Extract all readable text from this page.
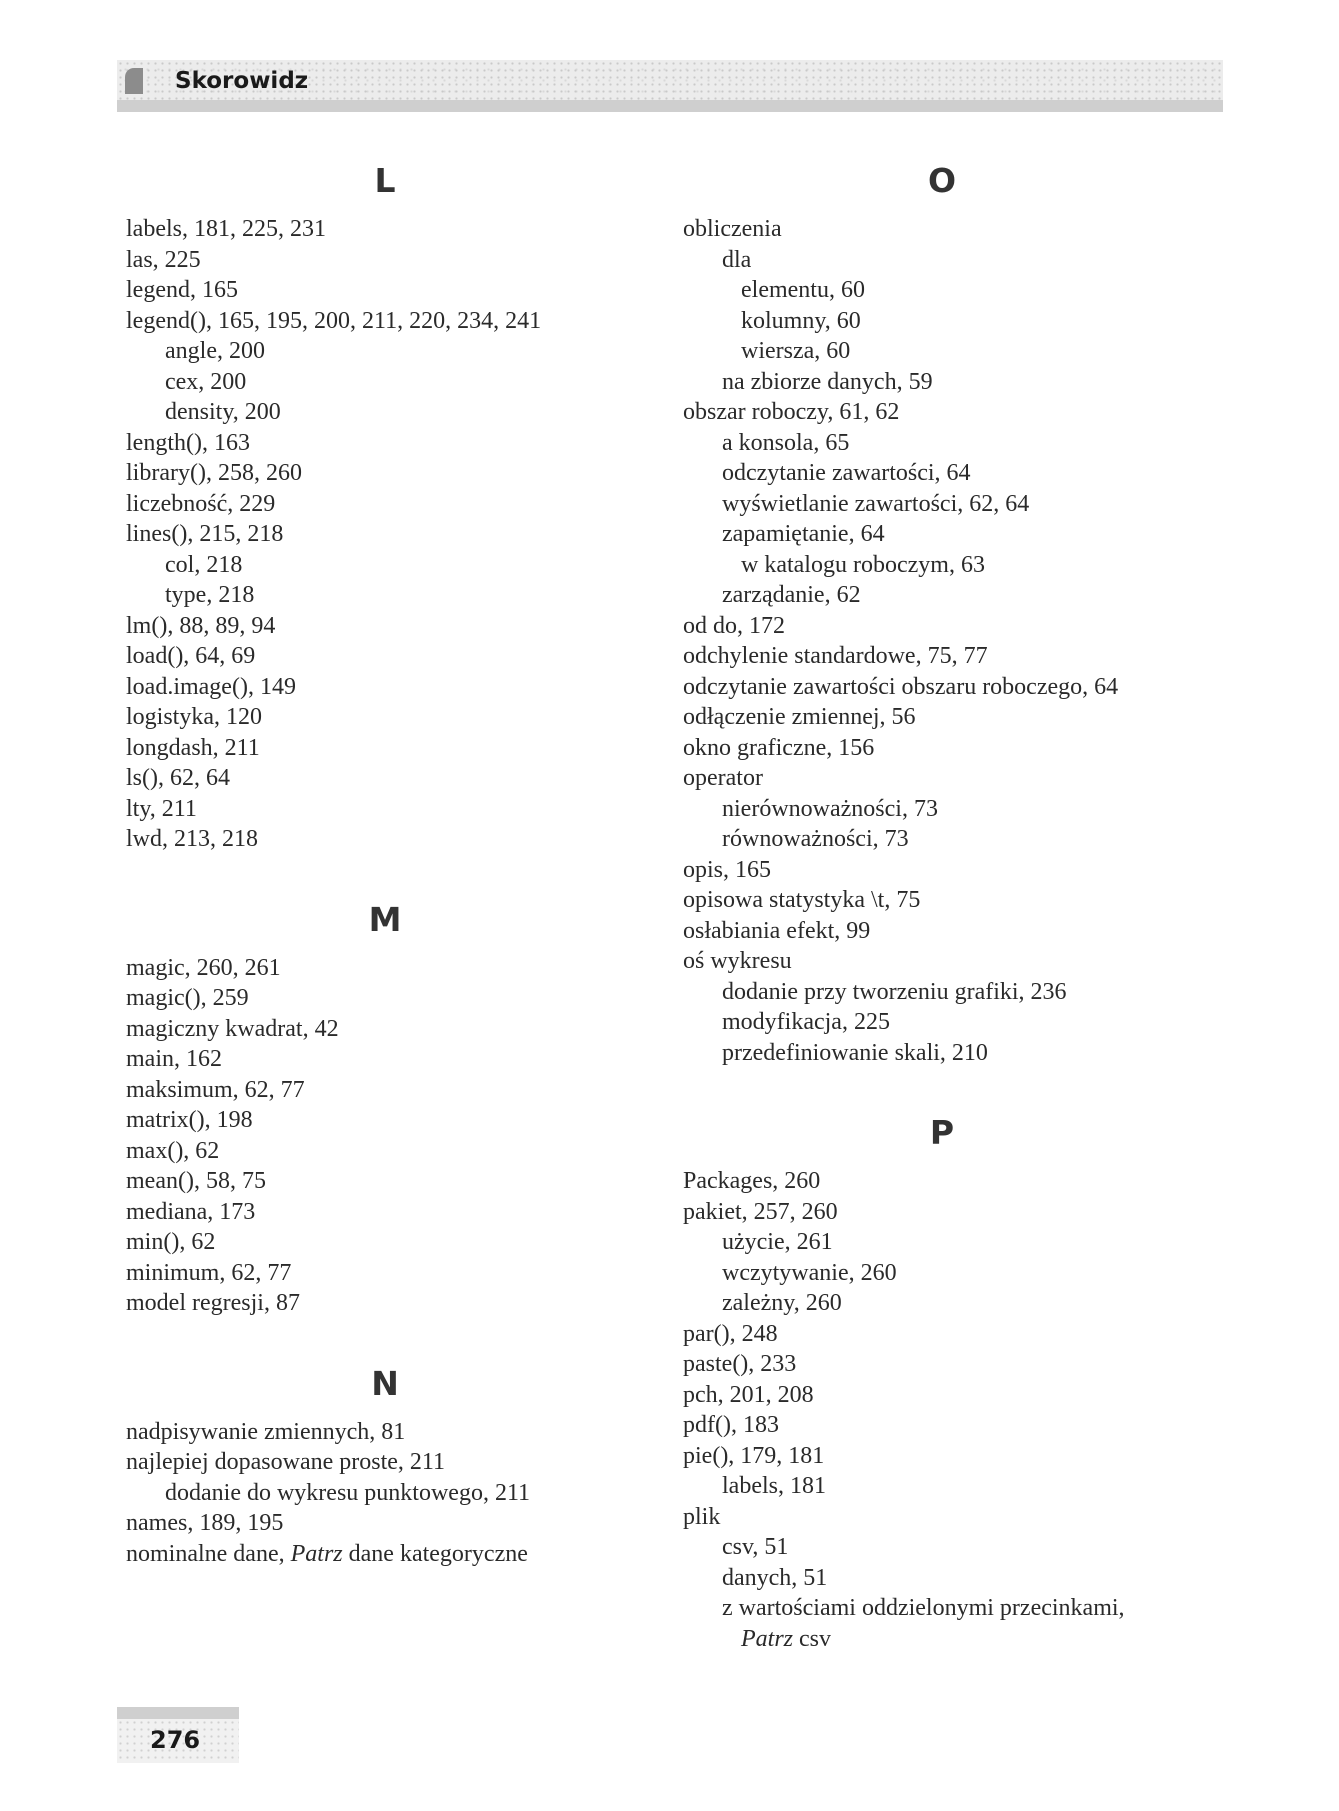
Skorowidz
L
labels, 181, 225, 231
las, 225
legend, 165
legend(), 165, 195, 200, 211, 220, 234, 241
angle, 200
cex, 200
density, 200
length(), 163
library(), 258, 260
liczebność, 229
lines(), 215, 218
col, 218
type, 218
lm(), 88, 89, 94
load(), 64, 69
load.image(), 149
logistyka, 120
longdash, 211
ls(), 62, 64
lty, 211
lwd, 213, 218
M
magic, 260, 261
magic(), 259
magiczny kwadrat, 42
main, 162
maksimum, 62, 77
matrix(), 198
max(), 62
mean(), 58, 75
mediana, 173
min(), 62
minimum, 62, 77
model regresji, 87
N
nadpisywanie zmiennych, 81
najlepiej dopasowane proste, 211
dodanie do wykresu punktowego, 211
names, 189, 195
nominalne dane, Patrz dane kategoryczne
O
obliczenia
dla
elementu, 60
kolumny, 60
wiersza, 60
na zbiorze danych, 59
obszar roboczy, 61, 62
a konsola, 65
odczytanie zawartości, 64
wyświetlanie zawartości, 62, 64
zapamiętanie, 64
w katalogu roboczym, 63
zarządanie, 62
od do, 172
odchylenie standardowe, 75, 77
odczytanie zawartości obszaru roboczego, 64
odłączenie zmiennej, 56
okno graficzne, 156
operator
nierównoważności, 73
równoważności, 73
opis, 165
opisowa statystyka \t, 75
osłabiania efekt, 99
oś wykresu
dodanie przy tworzeniu grafiki, 236
modyfikacja, 225
przedefiniowanie skali, 210
P
Packages, 260
pakiet, 257, 260
użycie, 261
wczytywanie, 260
zależny, 260
par(), 248
paste(), 233
pch, 201, 208
pdf(), 183
pie(), 179, 181
labels, 181
plik
csv, 51
danych, 51
z wartościami oddzielonymi przecinkami,
Patrz csv
276
